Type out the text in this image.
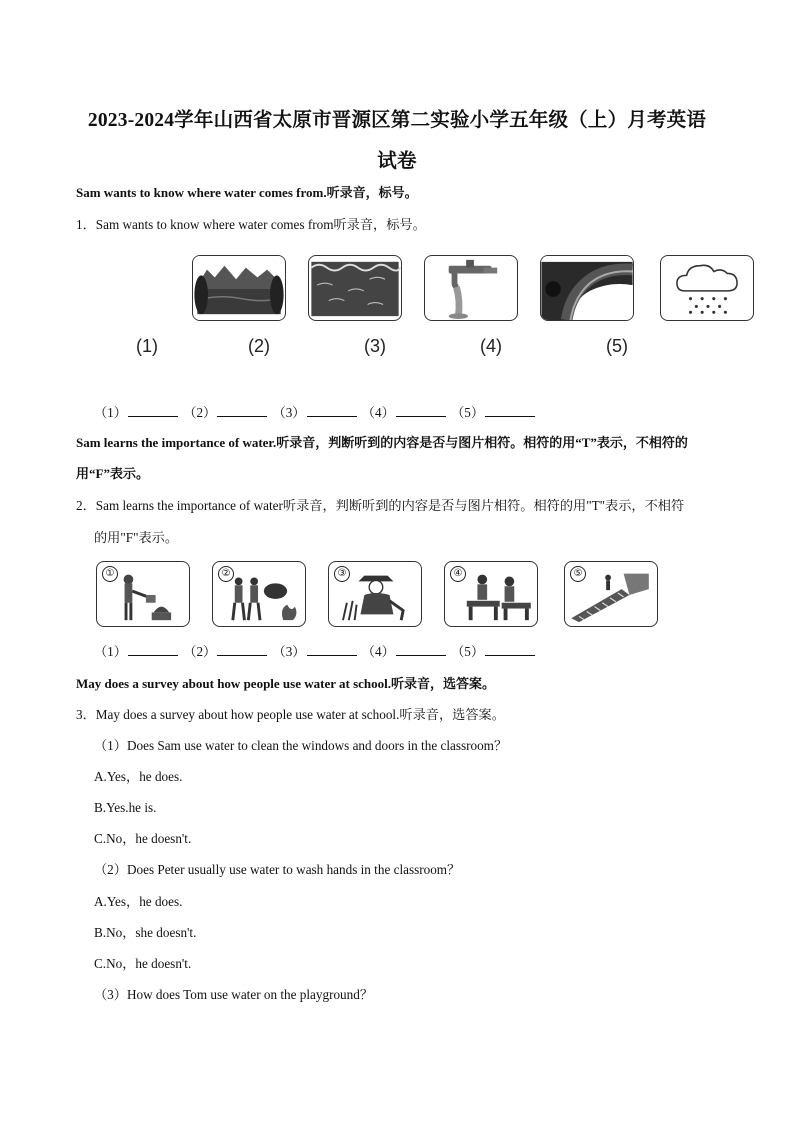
2023-2024学年山西省太原市晋源区第二实验小学五年级（上）月考英语
试卷
Sam wants to know where water comes from.听录音，标号。
1．Sam wants to know where water comes from听录音，标号。
(1)	(2)	(3)	(4)	(5)
（1）	（2）	（3）	（4）	（5）
Sam learns the importance of water.听录音，判断听到的内容是否与图片相符。相符的用“T”表示，不相符的用“F”表示。
2．Sam learns the importance of water听录音，判断听到的内容是否与图片相符。相符的用"T"表示，不相符
的用"F"表示。
①	②	③	④	⑤
（1）	（2）	（3）	（4）	（5）
May does a survey about how people use water at school.听录音，选答案。
3．May does a survey about how people use water at school.听录音，选答案。
（1）Does Sam use water to clean the windows and doors in the classroom？
A.Yes，he does.
B.Yes.he is.
C.No，he doesn't.
（2）Does Peter usually use water to wash hands in the classroom？
A.Yes，he does.
B.No，she doesn't.
C.No，he doesn't.
（3）How does Tom use water on the playground？
